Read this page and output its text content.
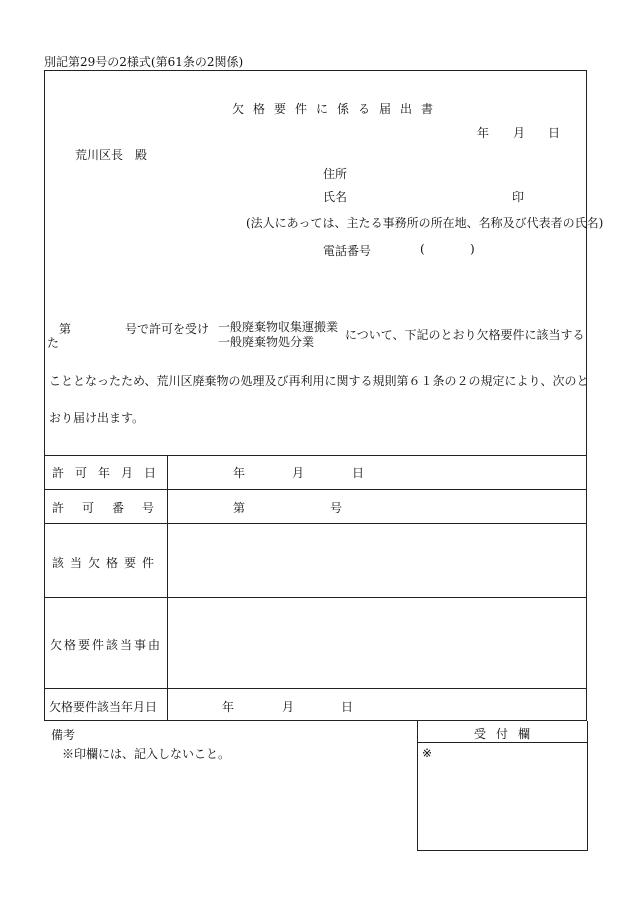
別記第29号の2様式(第61条の2関係)
欠格要件に係る届出書
年 月 日
荒川区長　殿
住所
氏名	印
(法人にあっては、主たる事務所の所在地、名称及び代表者の氏名)
電話番号	(	)
第	号で許可を受け
た
一般廃棄物収集運搬業
一般廃棄物処分業	について、下記のとおり欠格要件に該当する
こととなったため、荒川区廃棄物の処理及び再利用に関する規則第６１条の２の規定により、次のと
おり届け出ます。
許可年月日	年	月	日
許可番号	第	号
該当欠格要件
欠格要件該当事由
欠格要件該当年月日	年	月	日
備考
※印欄には、記入しないこと。
受付欄
※
